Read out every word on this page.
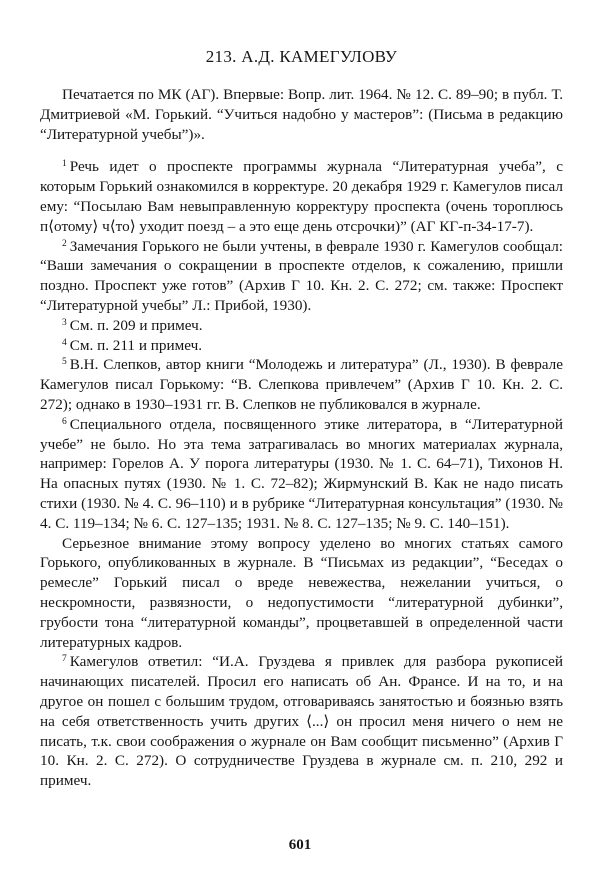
213. А.Д. КАМЕГУЛОВУ

Печатается по МК (АГ). Впервые: Вопр. лит. 1964. № 12. С. 89–90; в публ. Т. Дмитриевой «М. Горький. “Учиться надобно у мастеров”: (Письма в редакцию “Литературной учебы”)».

$^1$ Речь идет о проспекте программы журнала “Литературная учеба”, с которым Горький ознакомился в корректуре. 20 декабря 1929 г. Камегулов писал ему: “Посылаю Вам невыправленную корректуру проспекта (очень тороплюсь п⟨отому⟩ ч⟨то⟩ уходит поезд – а это еще день отсрочки)” (АГ КГ-п-34-17-7).

$^2$ Замечания Горького не были учтены, в феврале 1930 г. Камегулов сообщал: “Ваши замечания о сокращении в проспекте отделов, к сожалению, пришли поздно. Проспект уже готов” (Архив Г 10. Кн. 2. С. 272; см. также: Проспект “Литературной учебы” Л.: Прибой, 1930).

$^3$ См. п. 209 и примеч.

$^4$ См. п. 211 и примеч.

$^5$ В.Н. Слепков, автор книги “Молодежь и литература” (Л., 1930). В феврале Камегулов писал Горькому: “В. Слепкова привлечем” (Архив Г 10. Кн. 2. С. 272); однако в 1930–1931 гг. В. Слепков не публиковался в журнале.

$^6$ Специального отдела, посвященного этике литератора, в “Литературной учебе” не было. Но эта тема затрагивалась во многих материалах журнала, например: Горелов А. У порога литературы (1930. № 1. С. 64–71), Тихонов Н. На опасных путях (1930. № 1. С. 72–82); Жирмунский В. Как не надо писать стихи (1930. № 4. С. 96–110) и в рубрике “Литературная консультация” (1930. № 4. С. 119–134; № 6. С. 127–135; 1931. № 8. С. 127–135; № 9. С. 140–151).

Серьезное внимание этому вопросу уделено во многих статьях самого Горького, опубликованных в журнале. В “Письмах из редакции”, “Беседах о ремесле” Горький писал о вреде невежества, нежелании учиться, о нескромности, развязности, о недопустимости “литературной дубинки”, грубости тона “литературной команды”, процветавшей в определенной части литературных кадров.

$^7$ Камегулов ответил: “И.А. Груздева я привлек для разбора рукописей начинающих писателей. Просил его написать об Ан. Франсе. И на то, и на другое он пошел с большим трудом, отговариваясь занятостью и боязнью взять на себя ответственность учить других ⟨...⟩ он просил меня ничего о нем не писать, т.к. свои соображения о журнале он Вам сообщит письменно” (Архив Г 10. Кн. 2. С. 272). О сотрудничестве Груздева в журнале см. п. 210, 292 и примеч.

601
